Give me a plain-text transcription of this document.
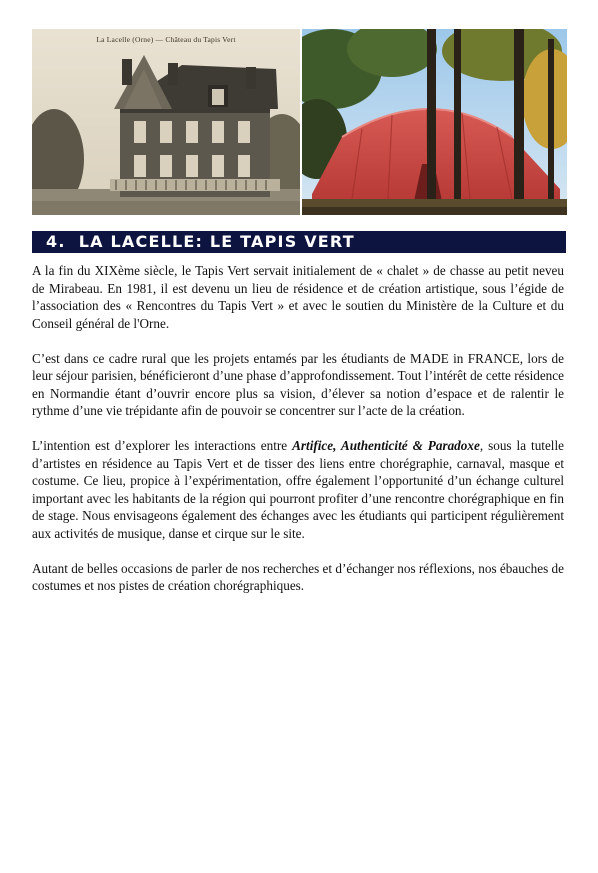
La Lacelle (Orne) — Château du Tapis Vert
4. LA LACELLE: LE TAPIS VERT

A la fin du XIXème siècle, le Tapis Vert servait initialement de « chalet » de chasse au petit neveu de Mirabeau. En 1981, il est devenu un lieu de résidence et de création artistique, sous l’égide de l’association des « Rencontres du Tapis Vert » et avec le soutien du Ministère de la Culture et du Conseil général de l'Orne.

C’est dans ce cadre rural que les projets entamés par les étudiants de MADE in FRANCE, lors de leur séjour parisien, bénéficieront d’une phase d’approfondissement. Tout l’intérêt de cette résidence en Normandie étant d’ouvrir encore plus sa vision, d’élever sa notion d’espace et de ralentir le rythme d’une vie trépidante afin de pouvoir se concentrer sur l’acte de la création.

L’intention est d’explorer les interactions entre Artifice, Authenticité & Paradoxe, sous la tutelle d’artistes en résidence au Tapis Vert et de tisser des liens entre chorégraphie, carnaval, masque et costume. Ce lieu, propice à l’expérimentation, offre également l’opportunité d’un échange culturel important avec les habitants de la région qui pourront profiter d’une rencontre chorégraphique en fin de stage. Nous envisageons également des échanges avec les étudiants qui participent régulièrement aux activités de musique, danse et cirque sur le site.

Autant de belles occasions de parler de nos recherches et d’échanger nos réflexions, nos ébauches de costumes et nos pistes de création chorégraphiques.
